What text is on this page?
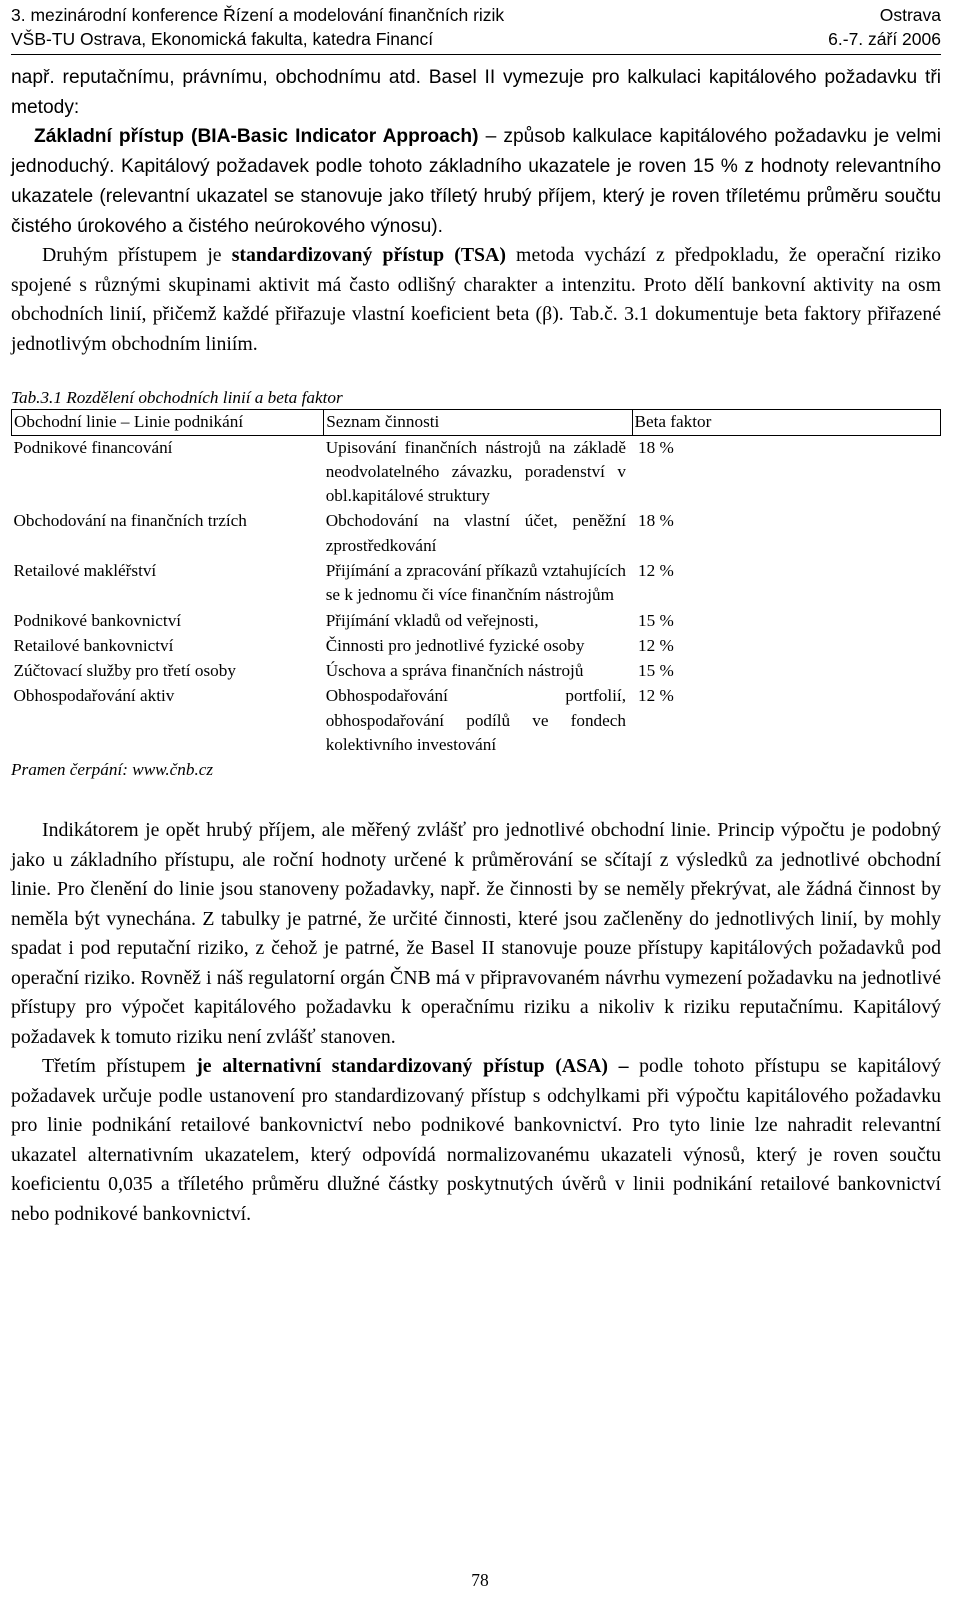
3. mezinárodní konference Řízení a modelování finančních rizik	Ostrava
VŠB-TU Ostrava, Ekonomická fakulta, katedra Financí	6.-7. září 2006

např. reputačnímu, právnímu, obchodnímu atd. Basel II vymezuje pro kalkulaci kapitálového požadavku tři metody:

Základní přístup (BIA-Basic Indicator Approach) – způsob kalkulace kapitálového požadavku je velmi jednoduchý. Kapitálový požadavek podle tohoto základního ukazatele je roven 15 % z hodnoty relevantního ukazatele (relevantní ukazatel se stanovuje jako tříletý hrubý příjem, který je roven tříletému průměru součtu čistého úrokového a čistého neúrokového výnosu).

Druhým přístupem je standardizovaný přístup (TSA) metoda vychází z předpokladu, že operační riziko spojené s různými skupinami aktivit má často odlišný charakter a intenzitu. Proto dělí bankovní aktivity na osm obchodních linií, přičemž každé přiřazuje vlastní koeficient beta (β). Tab.č. 3.1 dokumentuje beta faktory přiřazené jednotlivým obchodním liniím.

Tab.3.1 Rozdělení obchodních linií a beta faktor
Obchodní linie – Linie podnikání	Seznam činnosti	Beta faktor
Podnikové financování	Upisování finančních nástrojů na základě neodvolatelného závazku, poradenství v obl.kapitálové struktury	18 %
Obchodování na finančních trzích	Obchodování na vlastní účet, peněžní zprostředkování	18 %
Retailové makléřství	Přijímání a zpracování příkazů vztahujících se k jednomu či více finančním nástrojům	12 %
Podnikové bankovnictví	Přijímání vkladů od veřejnosti,	15 %
Retailové bankovnictví	Činnosti pro jednotlivé fyzické osoby	12 %
Zúčtovací služby pro třetí osoby	Úschova a správa finančních nástrojů	15 %
Obhospodařování aktiv	Obhospodařování portfolií, obhospodařování podílů ve fondech kolektivního investování	12 %
Pramen čerpání: www.čnb.cz

Indikátorem je opět hrubý příjem, ale měřený zvlášť pro jednotlivé obchodní linie. Princip výpočtu je podobný jako u základního přístupu, ale roční hodnoty určené k průměrování se sčítají z výsledků za jednotlivé obchodní linie. Pro členění do linie jsou stanoveny požadavky, např. že činnosti by se neměly překrývat, ale žádná činnost by neměla být vynechána. Z tabulky je patrné, že určité činnosti, které jsou začleněny do jednotlivých linií, by mohly spadat i pod reputační riziko, z čehož je patrné, že Basel II stanovuje pouze přístupy kapitálových požadavků pod operační riziko. Rovněž i náš regulatorní orgán ČNB má v připravovaném návrhu vymezení požadavku na jednotlivé přístupy pro výpočet kapitálového požadavku k operačnímu riziku a nikoliv k riziku reputačnímu. Kapitálový požadavek k tomuto riziku není zvlášť stanoven.

Třetím přístupem je alternativní standardizovaný přístup (ASA) – podle tohoto přístupu se kapitálový požadavek určuje podle ustanovení pro standardizovaný přístup s odchylkami při výpočtu kapitálového požadavku pro linie podnikání retailové bankovnictví nebo podnikové bankovnictví. Pro tyto linie lze nahradit relevantní ukazatel alternativním ukazatelem, který odpovídá normalizovanému ukazateli výnosů, který je roven součtu koeficientu 0,035 a tříletého průměru dlužné částky poskytnutých úvěrů v linii podnikání retailové bankovnictví nebo podnikové bankovnictví.

78
